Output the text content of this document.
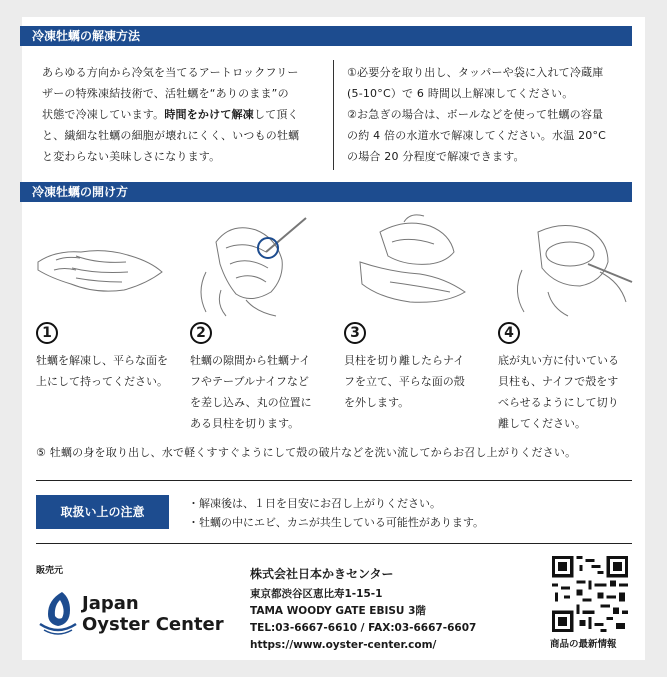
冷凍牡蠣の解凍方法
あらゆる方向から冷気を当てるアートロックフリー
ザーの特殊凍結技術で、活牡蠣を“ありのまま”の
状態で冷凍しています。時間をかけて解凍して頂く
と、繊細な牡蠣の細胞が壊れにくく、いつもの牡蠣
と変わらない美味しさになります。
①必要分を取り出し、タッパーや袋に入れて冷蔵庫
(5-10°C）で 6 時間以上解凍してください。
②お急ぎの場合は、ボールなどを使って牡蠣の容量
の約 4 倍の水道水で解凍してください。水温 20°C
の場合 20 分程度で解凍できます。
冷凍牡蠣の開け方
1
牡蠣を解凍し、平らな面を
上にして持ってください。
2
牡蠣の隙間から牡蠣ナイ
フやテーブルナイフなど
を差し込み、丸の位置に
ある貝柱を切ります。
3
貝柱を切り離したらナイ
フを立て、平らな面の殻
を外します。
4
底が丸い方に付いている
貝柱も、ナイフで殻をす
べらせるようにして切り
離してください。
⑤ 牡蠣の身を取り出し、水で軽くすすぐようにして殻の破片などを洗い流してからお召し上がりください。
取扱い上の注意
・解凍後は、１日を目安にお召し上がりください。
・牡蠣の中にエビ、カニが共生している可能性があります。
販売元
Japan
Oyster Center
株式会社日本かきセンター
東京都渋谷区恵比寿1-15-1
TAMA WOODY GATE EBISU 3階
TEL:03-6667-6610 / FAX:03-6667-6607
https://www.oyster-center.com/	商品の最新情報
